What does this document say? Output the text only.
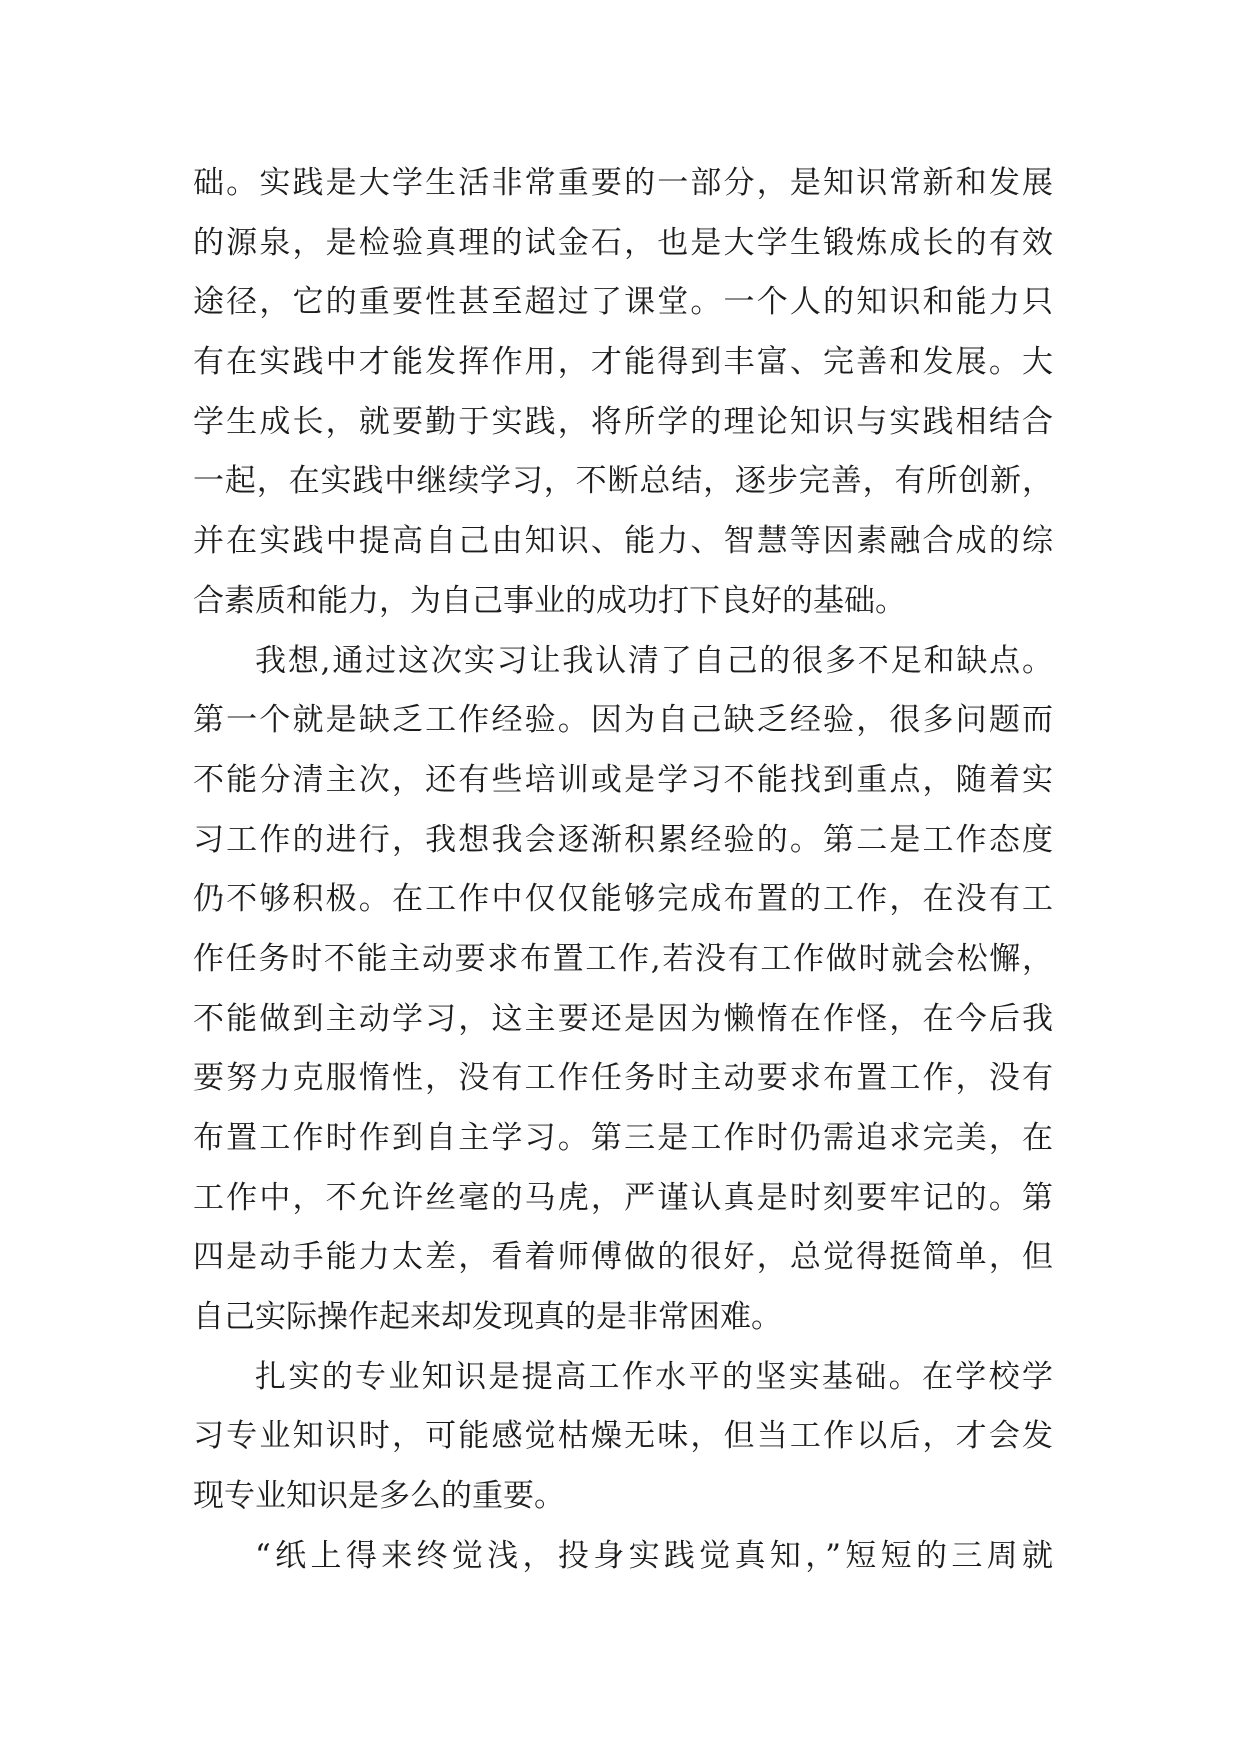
础。实践是大学生活非常重要的一部分，是知识常新和发展
的源泉，是检验真理的试金石，也是大学生锻炼成长的有效
途径，它的重要性甚至超过了课堂。一个人的知识和能力只
有在实践中才能发挥作用，才能得到丰富、完善和发展。大
学生成长，就要勤于实践，将所学的理论知识与实践相结合
一起，在实践中继续学习，不断总结，逐步完善，有所创新，
并在实践中提高自己由知识、能力、智慧等因素融合成的综
合素质和能力，为自己事业的成功打下良好的基础。
我想,通过这次实习让我认清了自己的很多不足和缺点。
第一个就是缺乏工作经验。因为自己缺乏经验，很多问题而
不能分清主次，还有些培训或是学习不能找到重点，随着实
习工作的进行，我想我会逐渐积累经验的。第二是工作态度
仍不够积极。在工作中仅仅能够完成布置的工作，在没有工
作任务时不能主动要求布置工作,若没有工作做时就会松懈，
不能做到主动学习，这主要还是因为懒惰在作怪，在今后我
要努力克服惰性，没有工作任务时主动要求布置工作，没有
布置工作时作到自主学习。第三是工作时仍需追求完美，在
工作中，不允许丝毫的马虎，严谨认真是时刻要牢记的。第
四是动手能力太差，看着师傅做的很好，总觉得挺简单，但
自己实际操作起来却发现真的是非常困难。
扎实的专业知识是提高工作水平的坚实基础。在学校学
习专业知识时，可能感觉枯燥无味，但当工作以后，才会发
现专业知识是多么的重要。
“纸上得来终觉浅，投身实践觉真知，”短短的三周就
